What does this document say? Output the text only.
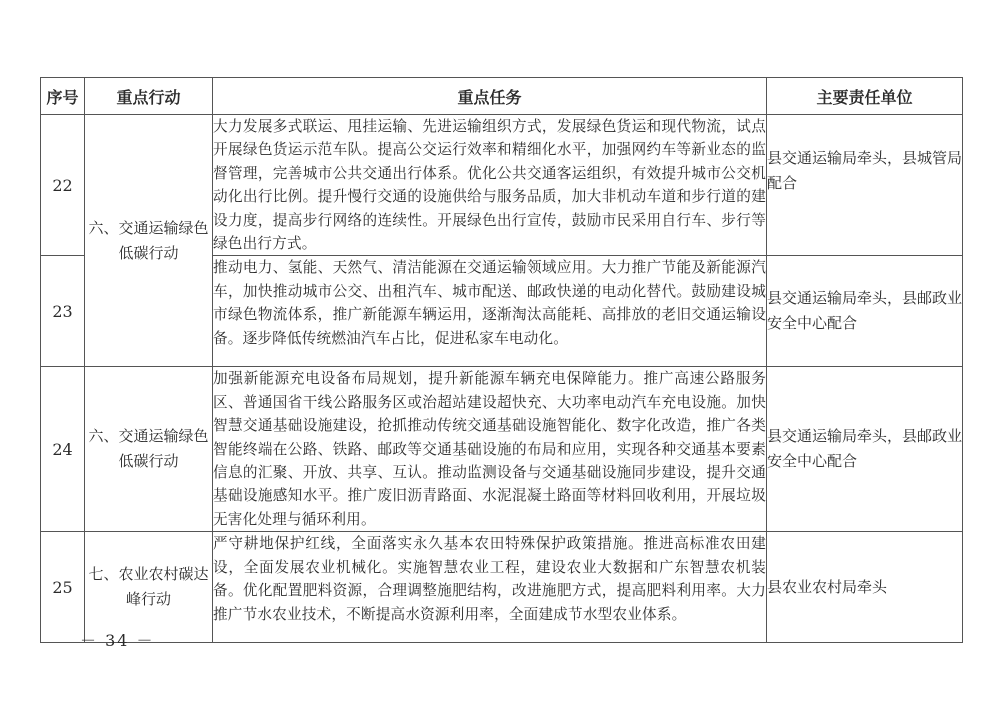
序号	重点行动	重点任务	主要责任单位
22	六、交通运输绿色低碳行动	大力发展多式联运、甩挂运输、先进运输组织方式，发展绿色货运和现代物流，试点开展绿色货运示范车队。提高公交运行效率和精细化水平，加强网约车等新业态的监督管理，完善城市公共交通出行体系。优化公共交通客运组织，有效提升城市公交机动化出行比例。提升慢行交通的设施供给与服务品质，加大非机动车道和步行道的建设力度，提高步行网络的连续性。开展绿色出行宣传，鼓励市民采用自行车、步行等绿色出行方式。	县交通运输局牵头，县城管局配合

23		推动电力、氢能、天然气、清洁能源在交通运输领域应用。大力推广节能及新能源汽车，加快推动城市公交、出租汽车、城市配送、邮政快递的电动化替代。鼓励建设城市绿色物流体系，推广新能源车辆运用，逐渐淘汰高能耗、高排放的老旧交通运输设备。逐步降低传统燃油汽车占比，促进私家车电动化。	县交通运输局牵头，县邮政业安全中心配合

24	六、交通运输绿色低碳行动	加强新能源充电设备布局规划，提升新能源车辆充电保障能力。推广高速公路服务区、普通国省干线公路服务区或治超站建设超快充、大功率电动汽车充电设施。加快智慧交通基础设施建设，抢抓推动传统交通基础设施智能化、数字化改造，推广各类智能终端在公路、铁路、邮政等交通基础设施的布局和应用，实现各种交通基本要素信息的汇聚、开放、共享、互认。推动监测设备与交通基础设施同步建设，提升交通基础设施感知水平。推广废旧沥青路面、水泥混凝土路面等材料回收利用，开展垃圾无害化处理与循环利用。	县交通运输局牵头，县邮政业安全中心配合

25	七、农业农村碳达峰行动	严守耕地保护红线，全面落实永久基本农田特殊保护政策措施。推进高标准农田建设，全面发展农业机械化。实施智慧农业工程，建设农业大数据和广东智慧农机装备。优化配置肥料资源，合理调整施肥结构，改进施肥方式，提高肥料利用率。大力推广节水农业技术，不断提高水资源利用率，全面建成节水型农业体系。	县农业农村局牵头
－ 34 －
